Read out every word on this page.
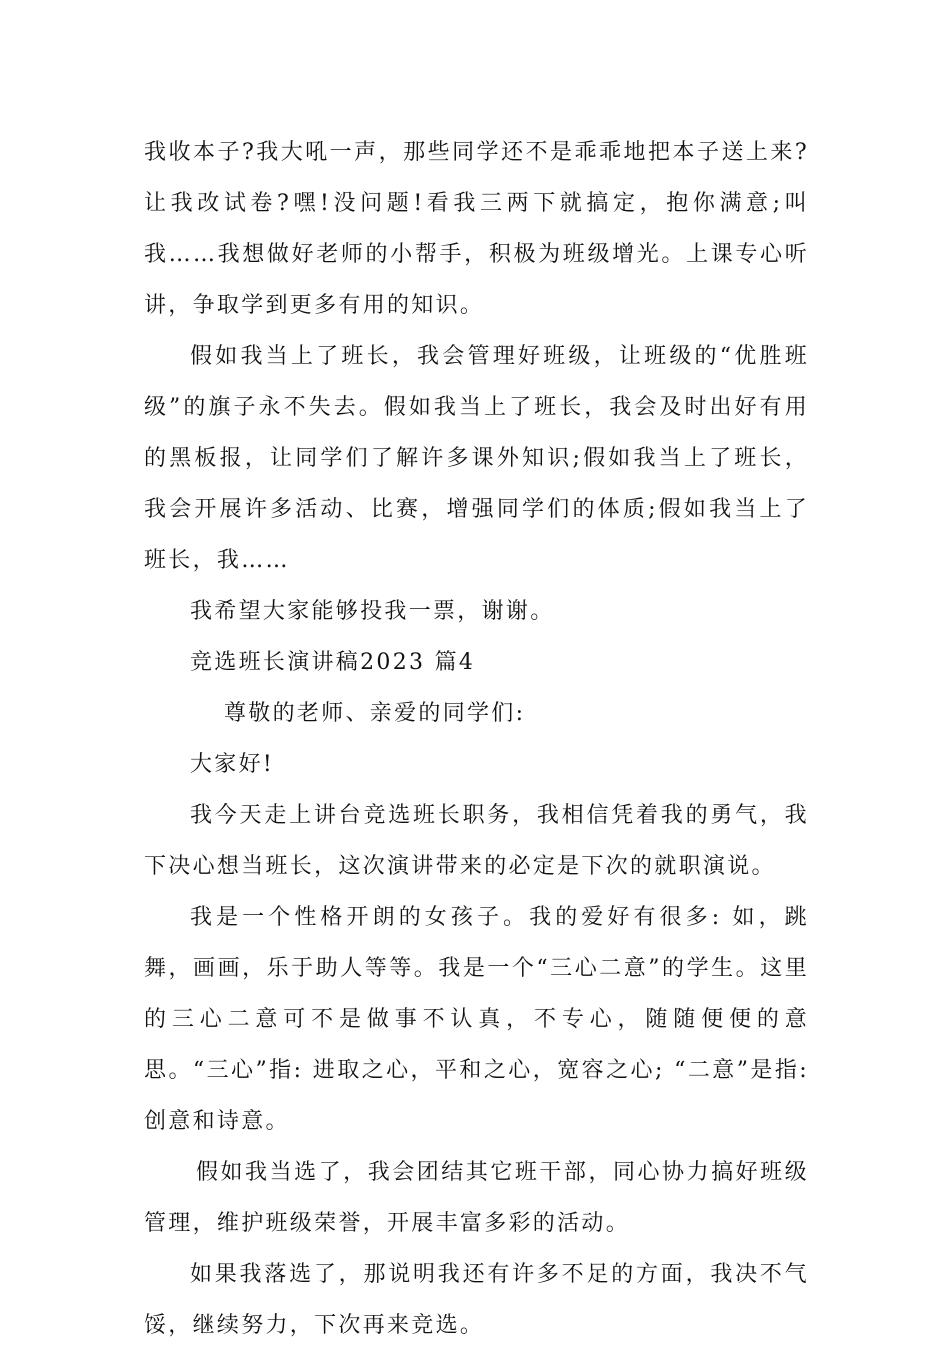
我收本子?我大吼一声，那些同学还不是乖乖地把本子送上来?让我改试卷?嘿!没问题!看我三两下就搞定，抱你满意;叫我……我想做好老师的小帮手，积极为班级增光。上课专心听讲，争取学到更多有用的知识。

假如我当上了班长，我会管理好班级，让班级的“优胜班级”的旗子永不失去。假如我当上了班长，我会及时出好有用的黑板报，让同学们了解许多课外知识;假如我当上了班长，我会开展许多活动、比赛，增强同学们的体质;假如我当上了班长，我……

我希望大家能够投我一票，谢谢。

竞选班长演讲稿2023 篇4

尊敬的老师、亲爱的同学们:

大家好!

我今天走上讲台竞选班长职务，我相信凭着我的勇气，我下决心想当班长，这次演讲带来的必定是下次的就职演说。

我是一个性格开朗的女孩子。我的爱好有很多: 如，跳舞，画画，乐于助人等等。我是一个“三心二意”的学生。这里的三心二意可不是做事不认真，不专心，随随便便的意思。“三心”指: 进取之心，平和之心，宽容之心; “二意”是指: 创意和诗意。

假如我当选了，我会团结其它班干部，同心协力搞好班级管理，维护班级荣誉，开展丰富多彩的活动。

如果我落选了，那说明我还有许多不足的方面，我决不气馁，继续努力，下次再来竞选。
